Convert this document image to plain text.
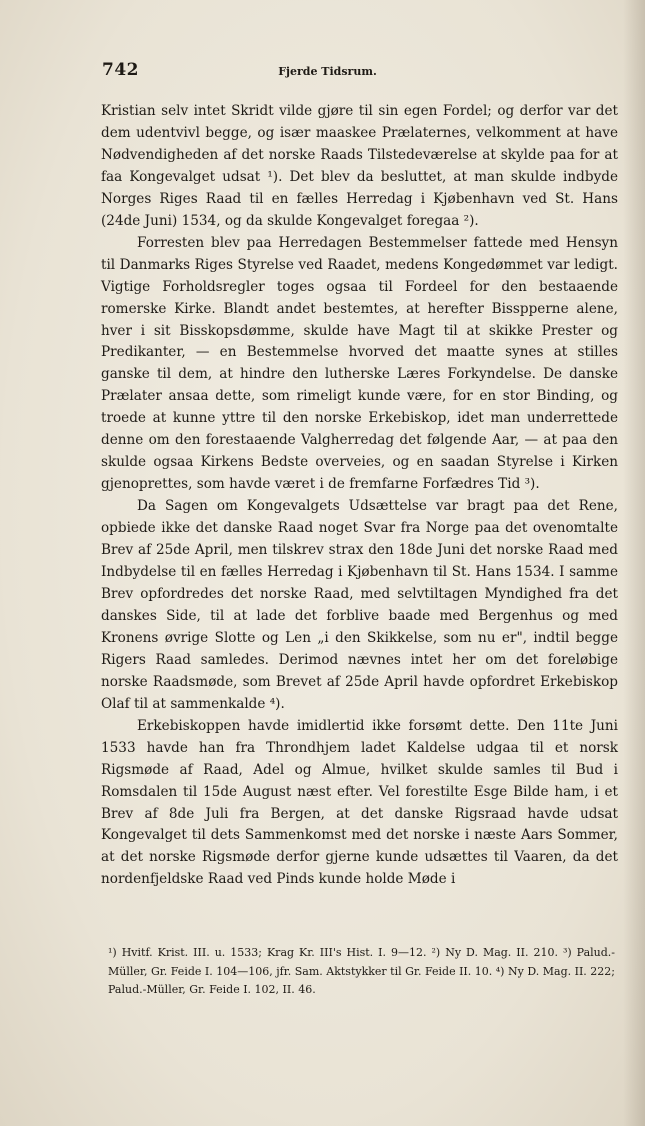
742	Fjerde Tidsrum.

Kristian selv intet Skridt vilde gjøre til sin egen Fordel; og derfor var det dem udentvivl begge, og især maaskee Prælaternes, velkomment at have Nødvendigheden af det norske Raads Tilstedeværelse at skylde paa for at faa Kongevalget udsat ¹). Det blev da besluttet, at man skulde indbyde Norges Riges Raad til en fælles Herredag i Kjøbenhavn ved St. Hans (24de Juni) 1534, og da skulde Kongevalget foregaa ²).

Forresten blev paa Herredagen Bestemmelser fattede med Hensyn til Danmarks Riges Styrelse ved Raadet, medens Kongedømmet var ledigt. Vigtige Forholdsregler toges ogsaa til Fordeel for den bestaaende romerske Kirke. Blandt andet bestemtes, at herefter Bisspperne alene, hver i sit Bisskopsdømme, skulde have Magt til at skikke Prester og Predikanter, — en Bestemmelse hvorved det maatte synes at stilles ganske til dem, at hindre den lutherske Læres Forkyndelse. De danske Prælater ansaa dette, som rimeligt kunde være, for en stor Binding, og troede at kunne yttre til den norske Erkebiskop, idet man underrettede denne om den forestaaende Valgherredag det følgende Aar, — at paa den skulde ogsaa Kirkens Bedste overveies, og en saadan Styrelse i Kirken gjenoprettes, som havde været i de fremfarne Forfædres Tid ³).

Da Sagen om Kongevalgets Udsættelse var bragt paa det Rene, opbiede ikke det danske Raad noget Svar fra Norge paa det ovenomtalte Brev af 25de April, men tilskrev strax den 18de Juni det norske Raad med Indbydelse til en fælles Herredag i Kjøbenhavn til St. Hans 1534. I samme Brev opfordredes det norske Raad, med selvtiltagen Myndighed fra det danskes Side, til at lade det forblive baade med Bergenhus og med Kronens øvrige Slotte og Len „i den Skikkelse, som nu er", indtil begge Rigers Raad samledes. Derimod nævnes intet her om det foreløbige norske Raadsmøde, som Brevet af 25de April havde opfordret Erkebiskop Olaf til at sammenkalde ⁴).

Erkebiskoppen havde imidlertid ikke forsømt dette. Den 11te Juni 1533 havde han fra Throndhjem ladet Kaldelse udgaa til et norsk Rigsmøde af Raad, Adel og Almue, hvilket skulde samles til Bud i Romsdalen til 15de August næst efter. Vel forestilte Esge Bilde ham, i et Brev af 8de Juli fra Bergen, at det danske Rigsraad havde udsat Kongevalget til dets Sammenkomst med det norske i næste Aars Sommer, at det norske Rigsmøde derfor gjerne kunde udsættes til Vaaren, da det nordenfjeldske Raad ved Pinds kunde holde Møde i

¹) Hvitf. Krist. III. u. 1533; Krag Kr. III's Hist. I. 9—12. ²) Ny D. Mag. II. 210. ³) Palud.-Müller, Gr. Feide I. 104—106, jfr. Sam. Aktstykker til Gr. Feide II. 10. ⁴) Ny D. Mag. II. 222; Palud.-Müller, Gr. Feide I. 102, II. 46.
